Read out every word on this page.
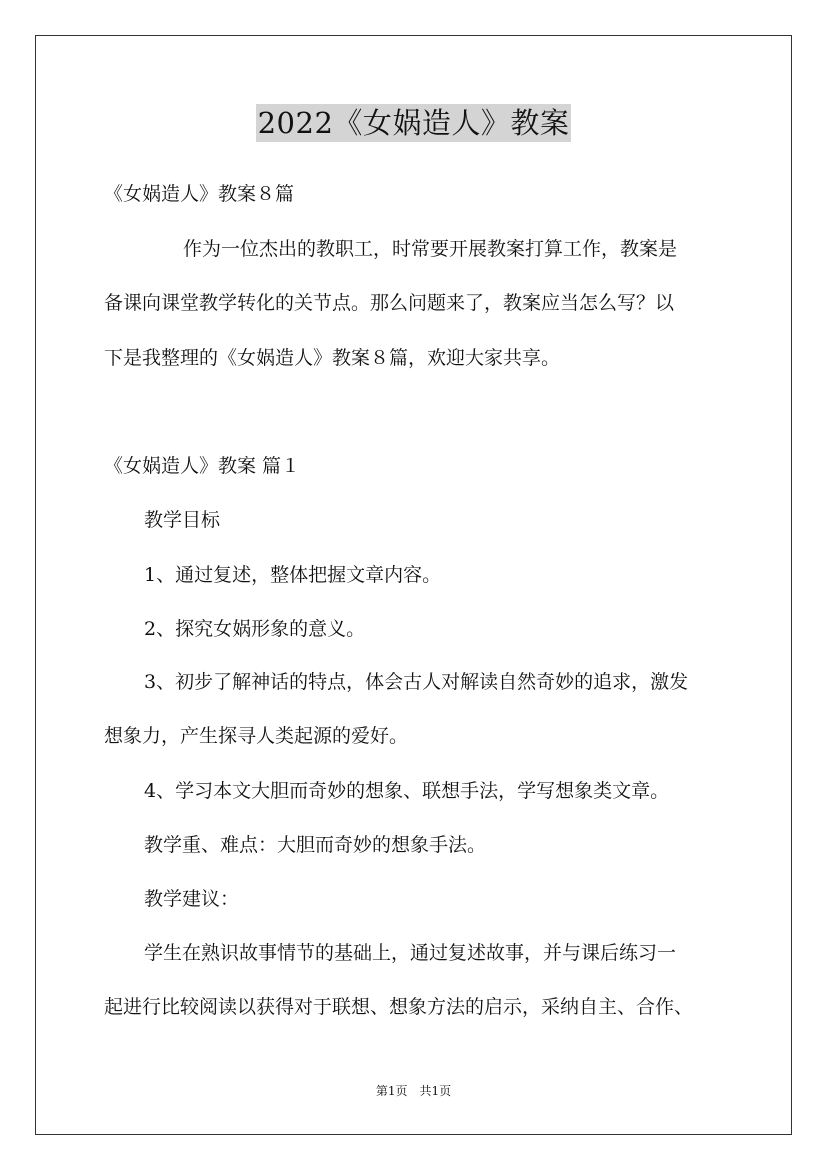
2022《女娲造人》教案
《女娲造人》教案８篇
作为一位杰出的教职工，时常要开展教案打算工作，教案是
备课向课堂教学转化的关节点。那么问题来了，教案应当怎么写？以
下是我整理的《女娲造人》教案８篇，欢迎大家共享。
《女娲造人》教案 篇１
教学目标
1、通过复述，整体把握文章内容。
2、探究女娲形象的意义。
3、初步了解神话的特点，体会古人对解读自然奇妙的追求，激发
想象力，产生探寻人类起源的爱好。
4、学习本文大胆而奇妙的想象、联想手法，学写想象类文章。
教学重、难点：大胆而奇妙的想象手法。
教学建议：
学生在熟识故事情节的基础上，通过复述故事，并与课后练习一
起进行比较阅读以获得对于联想、想象方法的启示，采纳自主、合作、
第1页　共1页
